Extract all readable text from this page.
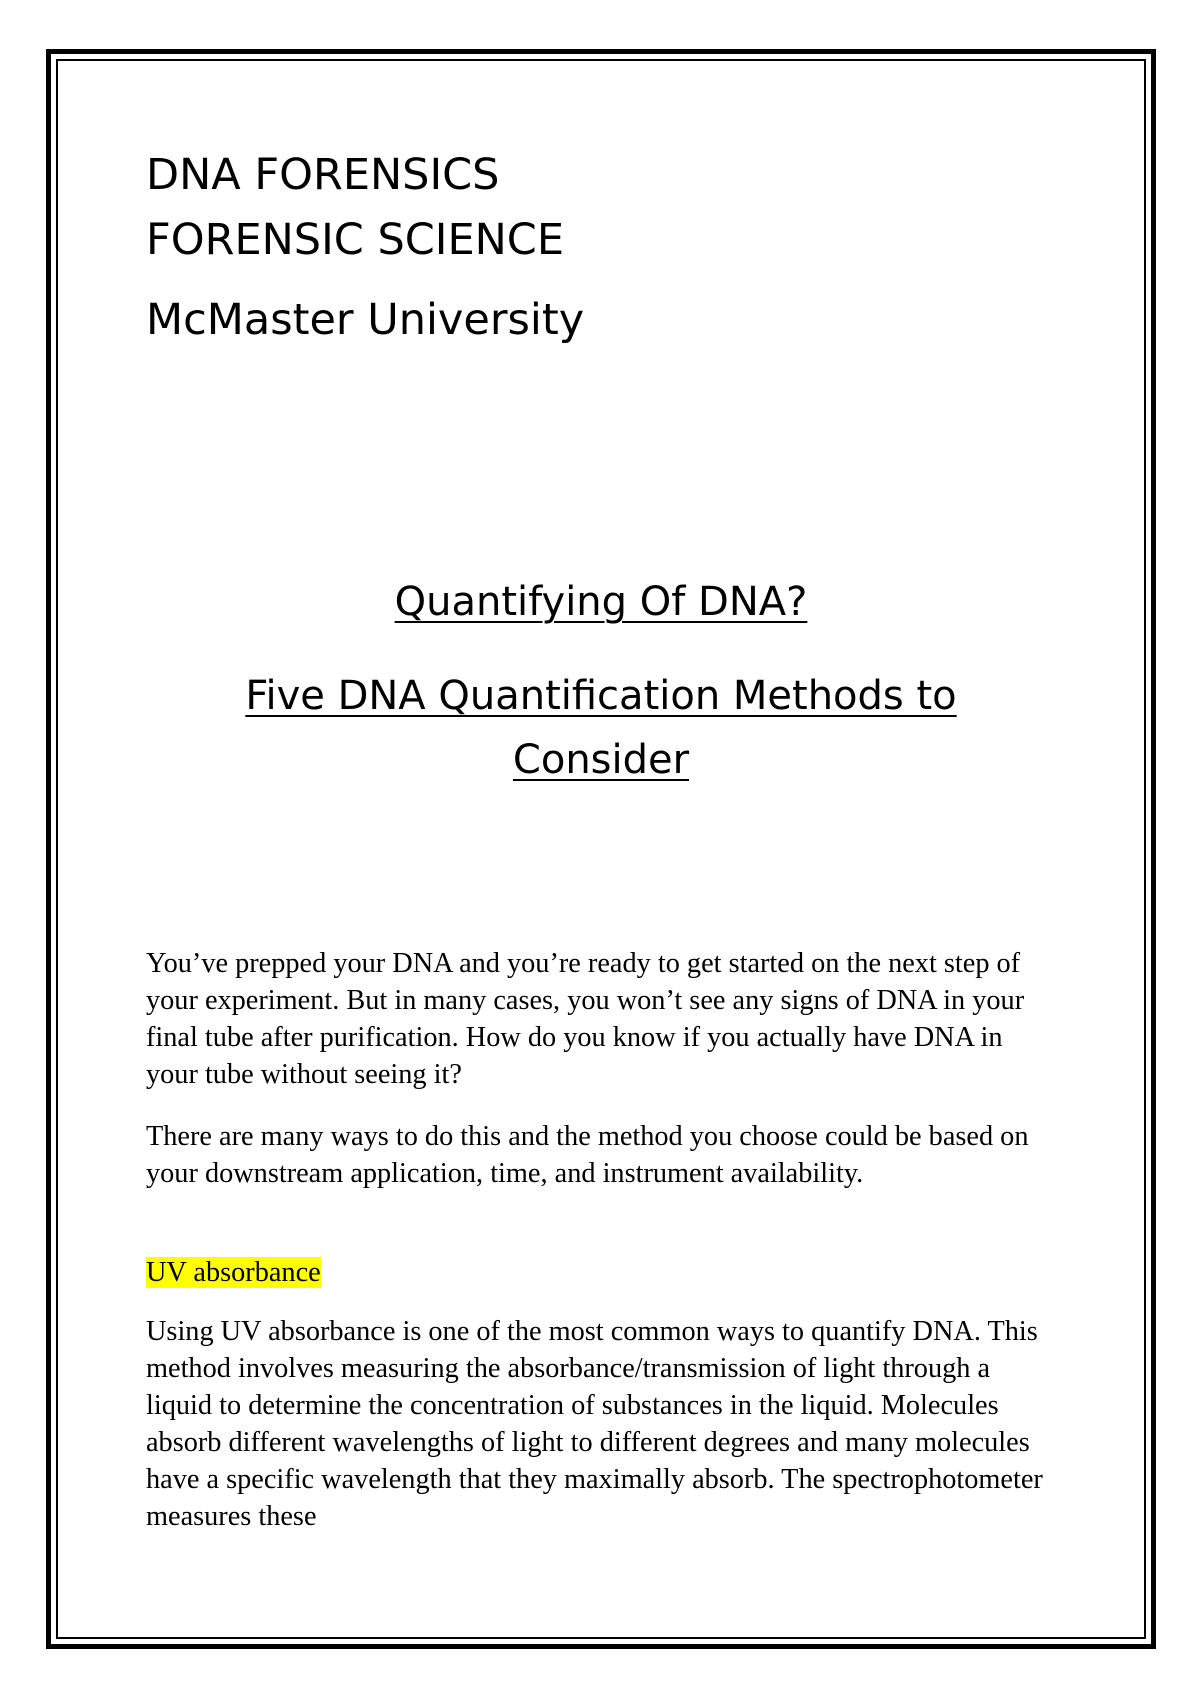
DNA FORENSICS
FORENSIC SCIENCE
McMaster University
Quantifying Of DNA?
Five DNA Quantification Methods to
Consider

You’ve prepped your DNA and you’re ready to get started on the next step of your experiment. But in many cases, you won’t see any signs of DNA in your final tube after purification. How do you know if you actually have DNA in your tube without seeing it?

There are many ways to do this and the method you choose could be based on your downstream application, time, and instrument availability.

UV absorbance

Using UV absorbance is one of the most common ways to quantify DNA. This method involves measuring the absorbance/transmission of light through a liquid to determine the concentration of substances in the liquid. Molecules absorb different wavelengths of light to different degrees and many molecules have a specific wavelength that they maximally absorb. The spectrophotometer measures these
